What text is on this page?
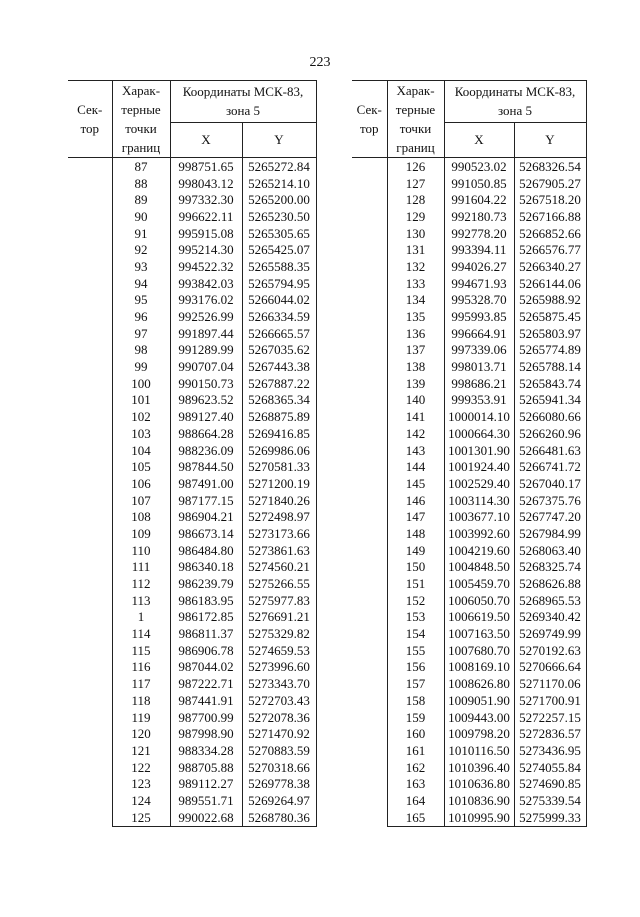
223
Сек-тор	Харак-терные точки границ	Координаты МСК-83, зона 5	
		X	Y
	87	998751.65	5265272.84
	88	998043.12	5265214.10
	89	997332.30	5265200.00
	90	996622.11	5265230.50
	91	995915.08	5265305.65
	92	995214.30	5265425.07
	93	994522.32	5265588.35
	94	993842.03	5265794.95
	95	993176.02	5266044.02
	96	992526.99	5266334.59
	97	991897.44	5266665.57
	98	991289.99	5267035.62
	99	990707.04	5267443.38
	100	990150.73	5267887.22
	101	989623.52	5268365.34
	102	989127.40	5268875.89
	103	988664.28	5269416.85
	104	988236.09	5269986.06
	105	987844.50	5270581.33
	106	987491.00	5271200.19
	107	987177.15	5271840.26
	108	986904.21	5272498.97
	109	986673.14	5273173.66
	110	986484.80	5273861.63
	111	986340.18	5274560.21
	112	986239.79	5275266.55
	113	986183.95	5275977.83
	1	986172.85	5276691.21
	114	986811.37	5275329.82
	115	986906.78	5274659.53
	116	987044.02	5273996.60
	117	987222.71	5273343.70
	118	987441.91	5272703.43
	119	987700.99	5272078.36
	120	987998.90	5271470.92
	121	988334.28	5270883.59
	122	988705.88	5270318.66
	123	989112.27	5269778.38
	124	989551.71	5269264.97
	125	990022.68	5268780.36
Сек-тор	Харак-терные точки границ	Координаты МСК-83, зона 5	
		X	Y
	126	990523.02	5268326.54
	127	991050.85	5267905.27
	128	991604.22	5267518.20
	129	992180.73	5267166.88
	130	992778.20	5266852.66
	131	993394.11	5266576.77
	132	994026.27	5266340.27
	133	994671.93	5266144.06
	134	995328.70	5265988.92
	135	995993.85	5265875.45
	136	996664.91	5265803.97
	137	997339.06	5265774.89
	138	998013.71	5265788.14
	139	998686.21	5265843.74
	140	999353.91	5265941.34
	141	1000014.10	5266080.66
	142	1000664.30	5266260.96
	143	1001301.90	5266481.63
	144	1001924.40	5266741.72
	145	1002529.40	5267040.17
	146	1003114.30	5267375.76
	147	1003677.10	5267747.20
	148	1003992.60	5267984.99
	149	1004219.60	5268063.40
	150	1004848.50	5268325.74
	151	1005459.70	5268626.88
	152	1006050.70	5268965.53
	153	1006619.50	5269340.42
	154	1007163.50	5269749.99
	155	1007680.70	5270192.63
	156	1008169.10	5270666.64
	157	1008626.80	5271170.06
	158	1009051.90	5271700.91
	159	1009443.00	5272257.15
	160	1009798.20	5272836.57
	161	1010116.50	5273436.95
	162	1010396.40	5274055.84
	163	1010636.80	5274690.85
	164	1010836.90	5275339.54
	165	1010995.90	5275999.33
